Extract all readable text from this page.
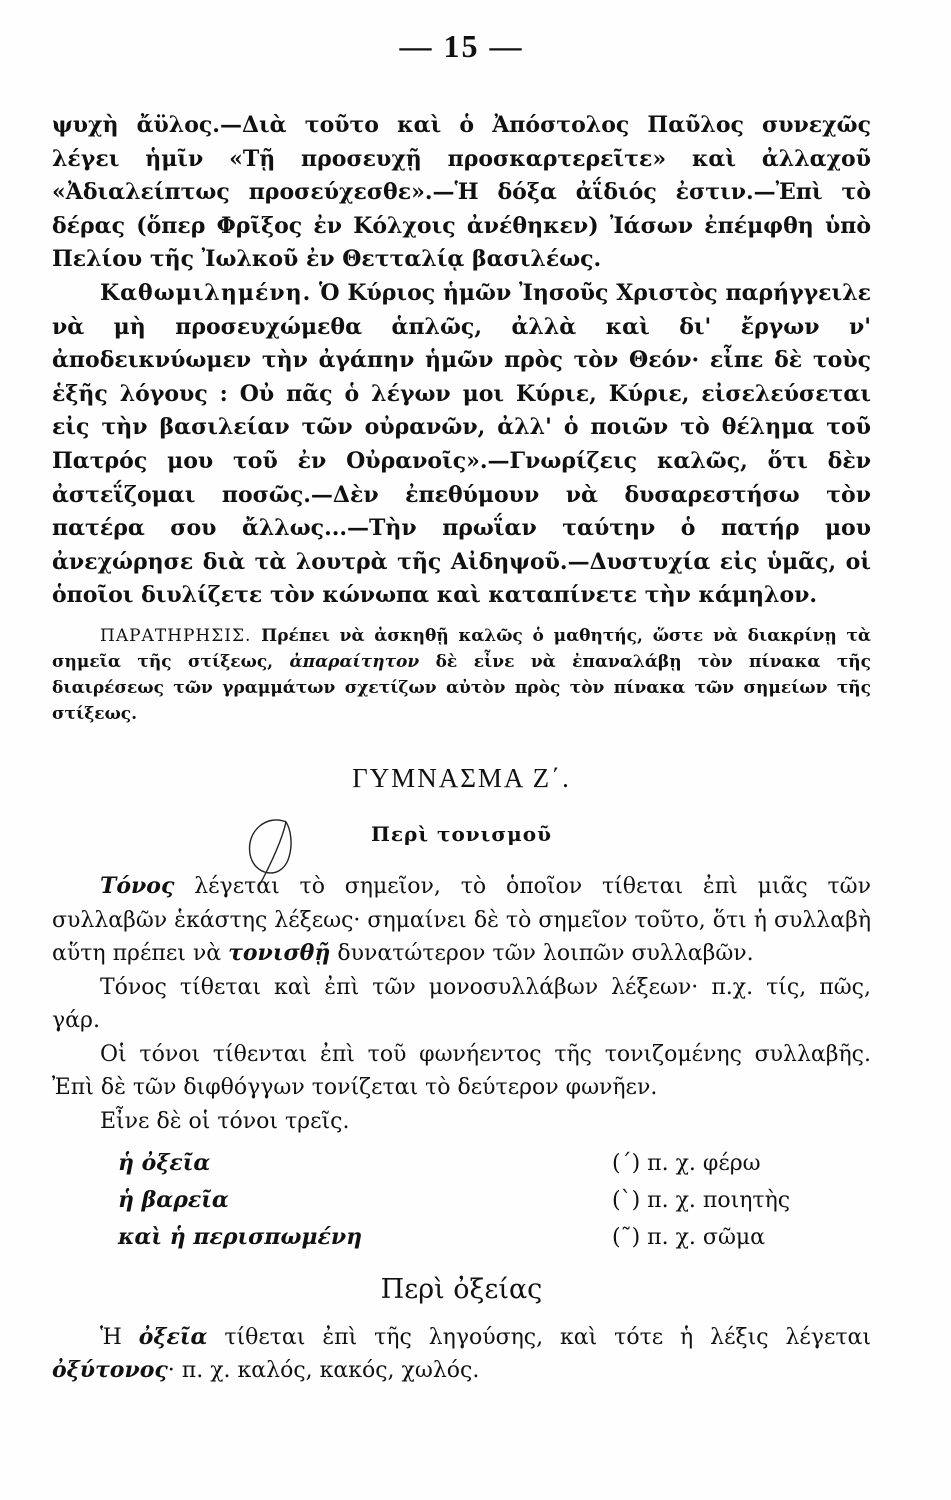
— 15 —

ψυχὴ ἄϋλος.—Διὰ τοῦτο καὶ ὁ Ἀπόστολος Παῦλος συνεχῶς λέγει ἡμῖν «Τῇ προσευχῇ προσκαρτερεῖτε» καὶ ἀλλαχοῦ «Ἀδιαλείπτως προσεύχεσθε».—Ἡ δόξα ἀΐδιός ἐστιν.—Ἐπὶ τὸ δέρας (ὅπερ Φρῖξος ἐν Κόλχοις ἀνέθηκεν) Ἰάσων ἐπέμφθη ὑπὸ Πελίου τῆς Ἰωλκοῦ ἐν Θετταλίᾳ βασιλέως.

Καθωμιλημένη. Ὁ Κύριος ἡμῶν Ἰησοῦς Χριστὸς παρήγγειλε νὰ μὴ προσευχώμεθα ἁπλῶς, ἀλλὰ καὶ δι' ἔργων ν' ἀποδεικνύωμεν τὴν ἀγάπην ἡμῶν πρὸς τὸν Θεόν· εἶπε δὲ τοὺς ἑξῆς λόγους : Οὐ πᾶς ὁ λέγων μοι Κύριε, Κύριε, εἰσελεύσεται εἰς τὴν βασιλείαν τῶν οὐρανῶν, ἀλλ' ὁ ποιῶν τὸ θέλημα τοῦ Πατρός μου τοῦ ἐν Οὐρανοῖς».—Γνωρίζεις καλῶς, ὅτι δὲν ἀστεΐζομαι ποσῶς.—Δὲν ἐπεθύμουν νὰ δυσαρεστήσω τὸν πατέρα σου ἄλλως...—Τὴν πρωΐαν ταύτην ὁ πατήρ μου ἀνεχώρησε διὰ τὰ λουτρὰ τῆς Αἰδηψοῦ.—Δυστυχία εἰς ὑμᾶς, οἱ ὁποῖοι διυλίζετε τὸν κώνωπα καὶ καταπίνετε τὴν κάμηλον.

ΠΑΡΑΤΗΡΗΣΙΣ. Πρέπει νὰ ἀσκηθῇ καλῶς ὁ μαθητής, ὥστε νὰ διακρίνῃ τὰ σημεῖα τῆς στίξεως, ἀπαραίτητον δὲ εἶνε νὰ ἐπαναλάβῃ τὸν πίνακα τῆς διαιρέσεως τῶν γραμμάτων σχετίζων αὐτὸν πρὸς τὸν πίνακα τῶν σημείων τῆς στίξεως.

ΓΥΜΝΑΣΜΑ Ζ΄.
Περὶ τονισμοῦ

Τόνος λέγεται τὸ σημεῖον, τὸ ὁποῖον τίθεται ἐπὶ μιᾶς τῶν συλλαβῶν ἑκάστης λέξεως· σημαίνει δὲ τὸ σημεῖον τοῦτο, ὅτι ἡ συλλαβὴ αὕτη πρέπει νὰ τονισθῇ δυνατώτερον τῶν λοιπῶν συλλαβῶν.

Τόνος τίθεται καὶ ἐπὶ τῶν μονοσυλλάβων λέξεων· π.χ. τίς, πῶς, γάρ.

Οἱ τόνοι τίθενται ἐπὶ τοῦ φωνήεντος τῆς τονιζομένης συλλαβῆς. Ἐπὶ δὲ τῶν διφθόγγων τονίζεται τὸ δεύτερον φωνῆεν.

Εἶνε δὲ οἱ τόνοι τρεῖς.

ἡ ὀξεῖα	(΄) π. χ. φέρω
ἡ βαρεῖα	(`) π. χ. ποιητὴς
καὶ ἡ περισπωμένη	(῀) π. χ. σῶμα
Περὶ ὀξείας

Ἡ ὀξεῖα τίθεται ἐπὶ τῆς ληγούσης, καὶ τότε ἡ λέξις λέγεται ὀξύτονος· π. χ. καλός, κακός, χωλός.
